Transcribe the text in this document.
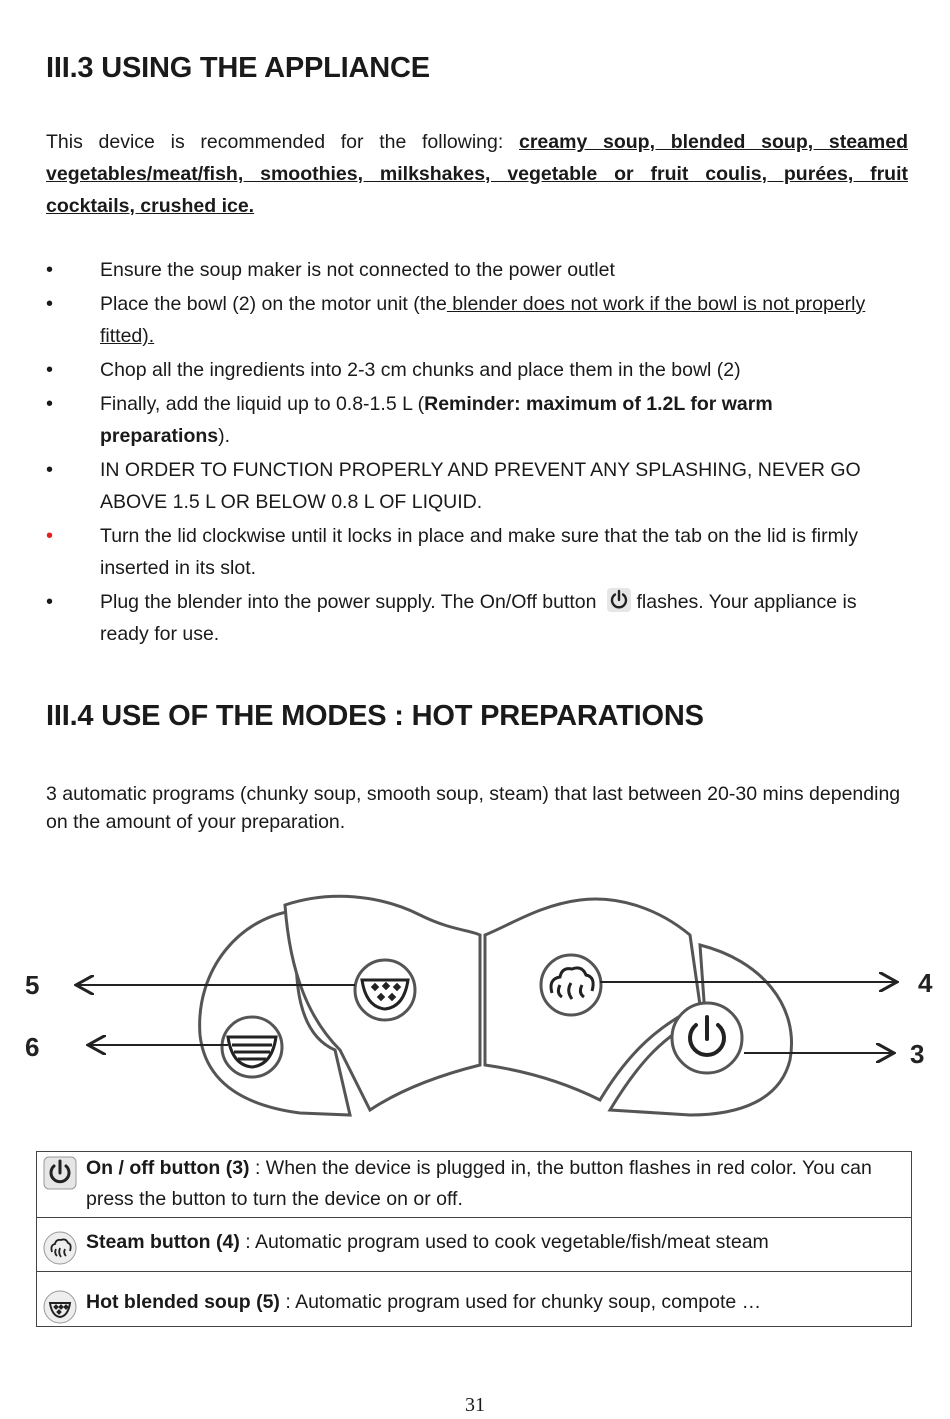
III.3 USING THE APPLIANCE
This device is recommended for the following: creamy soup, blended soup, steamed vegetables/meat/fish, smoothies, milkshakes, vegetable or fruit coulis, purées, fruit cocktails, crushed ice.
• Ensure the soup maker is not connected to the power outlet
• Place the bowl (2) on the motor unit (the blender does not work if the bowl is not properly fitted).
• Chop all the ingredients into 2-3 cm chunks and place them in the bowl (2)
• Finally, add the liquid up to 0.8-1.5 L (Reminder: maximum of 1.2L for warm preparations).
• IN ORDER TO FUNCTION PROPERLY AND PREVENT ANY SPLASHING, NEVER GO ABOVE 1.5 L OR BELOW 0.8 L OF LIQUID.
• Turn the lid clockwise until it locks in place and make sure that the tab on the lid is firmly inserted in its slot.
• Plug the blender into the power supply. The On/Off button flashes. Your appliance is ready for use.
III.4 USE OF THE MODES : HOT PREPARATIONS
3 automatic programs (chunky soup, smooth soup, steam) that last between 20-30 mins depending on the amount of your preparation.
5
6
4
3
On / off button (3) : When the device is plugged in, the button flashes in red color. You can press the button to turn the device on or off.
Steam button (4) : Automatic program used to cook vegetable/fish/meat steam
Hot blended soup (5) : Automatic program used for chunky soup, compote …
31
